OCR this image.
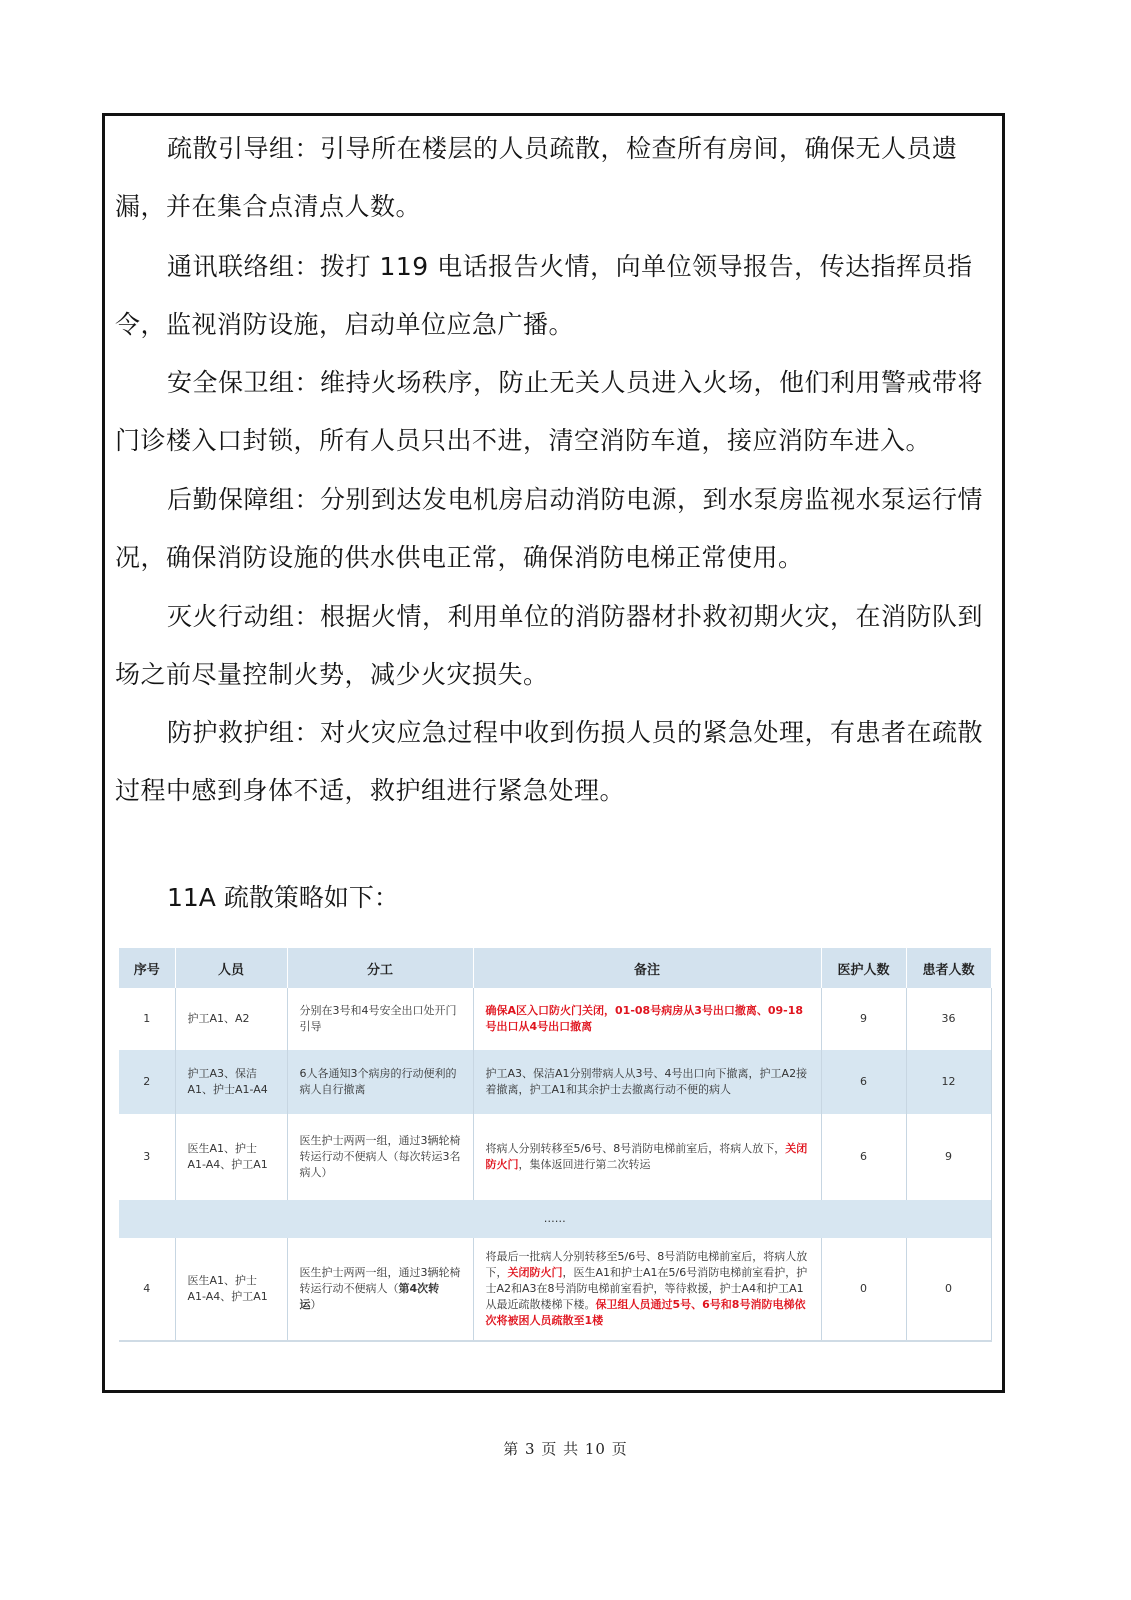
疏散引导组：引导所在楼层的人员疏散，检查所有房间，确保无人员遗漏，并在集合点清点人数。

通讯联络组：拨打 119 电话报告火情，向单位领导报告，传达指挥员指令，监视消防设施，启动单位应急广播。

安全保卫组：维持火场秩序，防止无关人员进入火场，他们利用警戒带将门诊楼入口封锁，所有人员只出不进，清空消防车道，接应消防车进入。

后勤保障组：分别到达发电机房启动消防电源，到水泵房监视水泵运行情况，确保消防设施的供水供电正常，确保消防电梯正常使用。

灭火行动组：根据火情，利用单位的消防器材扑救初期火灾，在消防队到场之前尽量控制火势，减少火灾损失。

防护救护组：对火灾应急过程中收到伤损人员的紧急处理，有患者在疏散过程中感到身体不适，救护组进行紧急处理。

11A 疏散策略如下：

序号	人员	分工	备注	医护人数	患者人数
1	护工A1、A2	分别在3号和4号安全出口处开门引导	确保A区入口防火门关闭，01-08号病房从3号出口撤离、09-18号出口从4号出口撤离	9	36
2	护工A3、保洁A1、护士A1-A4	6人各通知3个病房的行动便利的病人自行撤离	护工A3、保洁A1分别带病人从3号、4号出口向下撤离，护工A2接着撤离，护工A1和其余护士去撤离行动不便的病人	6	12
3	医生A1、护士A1-A4、护工A1	医生护士两两一组，通过3辆轮椅转运行动不便病人（每次转运3名病人）	将病人分别转移至5/6号、8号消防电梯前室后，将病人放下，关闭防火门，集体返回进行第二次转运	6	9
……					
4	医生A1、护士A1-A4、护工A1	医生护士两两一组，通过3辆轮椅转运行动不便病人（第4次转运）	将最后一批病人分别转移至5/6号、8号消防电梯前室后，将病人放下，关闭防火门，医生A1和护士A1在5/6号消防电梯前室看护，护士A2和A3在8号消防电梯前室看护，等待救援，护士A4和护工A1从最近疏散楼梯下楼。保卫组人员通过5号、6号和8号消防电梯依次将被困人员疏散至1楼	0	0
第 3 页 共 10 页
